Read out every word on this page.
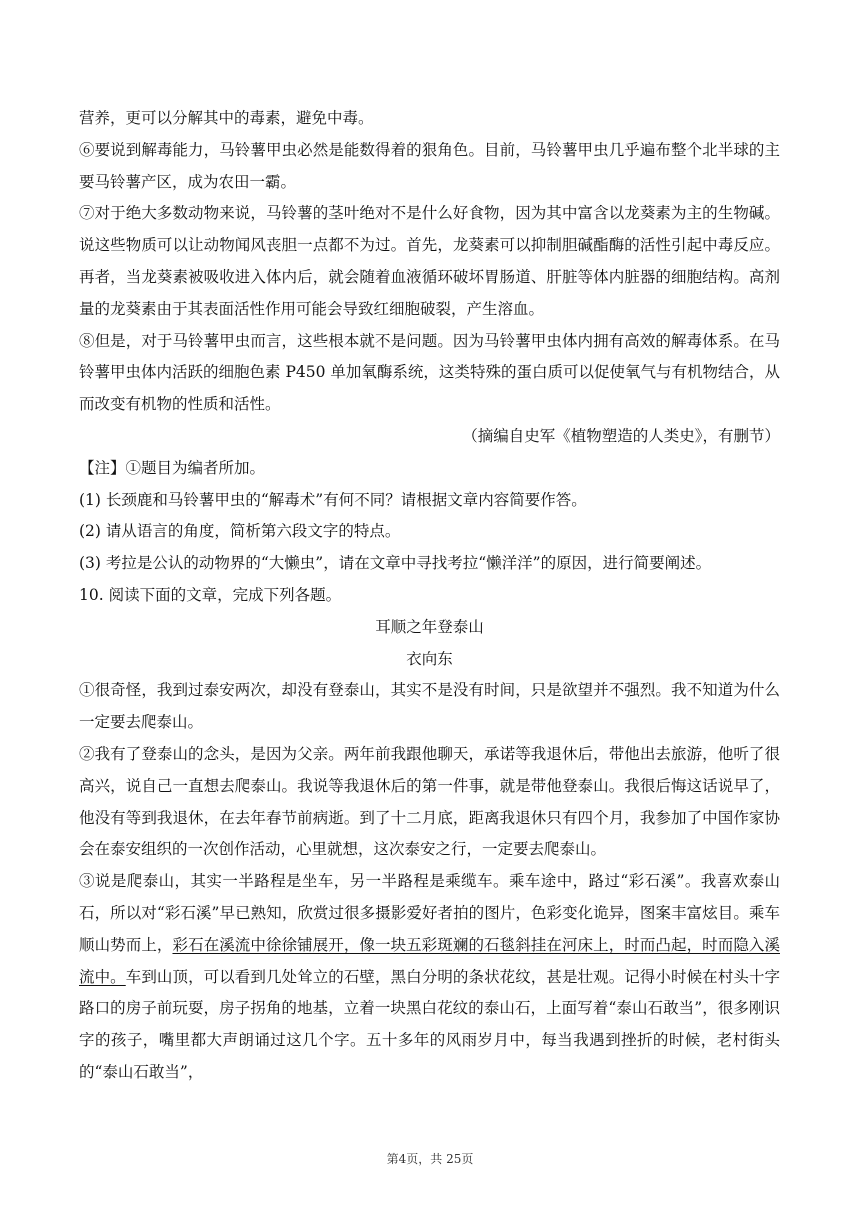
营养，更可以分解其中的毒素，避免中毒。

⑥要说到解毒能力，马铃薯甲虫必然是能数得着的狠角色。目前，马铃薯甲虫几乎遍布整个北半球的主要马铃薯产区，成为农田一霸。

⑦对于绝大多数动物来说，马铃薯的茎叶绝对不是什么好食物，因为其中富含以龙葵素为主的生物碱。说这些物质可以让动物闻风丧胆一点都不为过。首先，龙葵素可以抑制胆碱酯酶的活性引起中毒反应。再者，当龙葵素被吸收进入体内后，就会随着血液循环破坏胃肠道、肝脏等体内脏器的细胞结构。高剂量的龙葵素由于其表面活性作用可能会导致红细胞破裂，产生溶血。

⑧但是，对于马铃薯甲虫而言，这些根本就不是问题。因为马铃薯甲虫体内拥有高效的解毒体系。在马铃薯甲虫体内活跃的细胞色素 P450 单加氧酶系统，这类特殊的蛋白质可以促使氧气与有机物结合，从而改变有机物的性质和活性。

（摘编自史军《植物塑造的人类史》，有删节）

【注】①题目为编者所加。

(1) 长颈鹿和马铃薯甲虫的“解毒术”有何不同？请根据文章内容简要作答。

(2) 请从语言的角度，简析第六段文字的特点。

(3) 考拉是公认的动物界的“大懒虫”，请在文章中寻找考拉“懒洋洋”的原因，进行简要阐述。

10. 阅读下面的文章，完成下列各题。

耳顺之年登泰山

衣向东

①很奇怪，我到过泰安两次，却没有登泰山，其实不是没有时间，只是欲望并不强烈。我不知道为什么一定要去爬泰山。

②我有了登泰山的念头，是因为父亲。两年前我跟他聊天，承诺等我退休后，带他出去旅游，他听了很高兴，说自己一直想去爬泰山。我说等我退休后的第一件事，就是带他登泰山。我很后悔这话说早了，他没有等到我退休，在去年春节前病逝。到了十二月底，距离我退休只有四个月，我参加了中国作家协会在泰安组织的一次创作活动，心里就想，这次泰安之行，一定要去爬泰山。

③说是爬泰山，其实一半路程是坐车，另一半路程是乘缆车。乘车途中，路过“彩石溪”。我喜欢泰山石，所以对“彩石溪”早已熟知，欣赏过很多摄影爱好者拍的图片，色彩变化诡异，图案丰富炫目。乘车顺山势而上，彩石在溪流中徐徐铺展开，像一块五彩斑斓的石毯斜挂在河床上，时而凸起，时而隐入溪流中。车到山顶，可以看到几处耸立的石壁，黑白分明的条状花纹，甚是壮观。记得小时候在村头十字路口的房子前玩耍，房子拐角的地基，立着一块黑白花纹的泰山石，上面写着“泰山石敢当”，很多刚识字的孩子，嘴里都大声朗诵过这几个字。五十多年的风雨岁月中，每当我遇到挫折的时候，老村街头的“泰山石敢当”，

第4页，共 25页
